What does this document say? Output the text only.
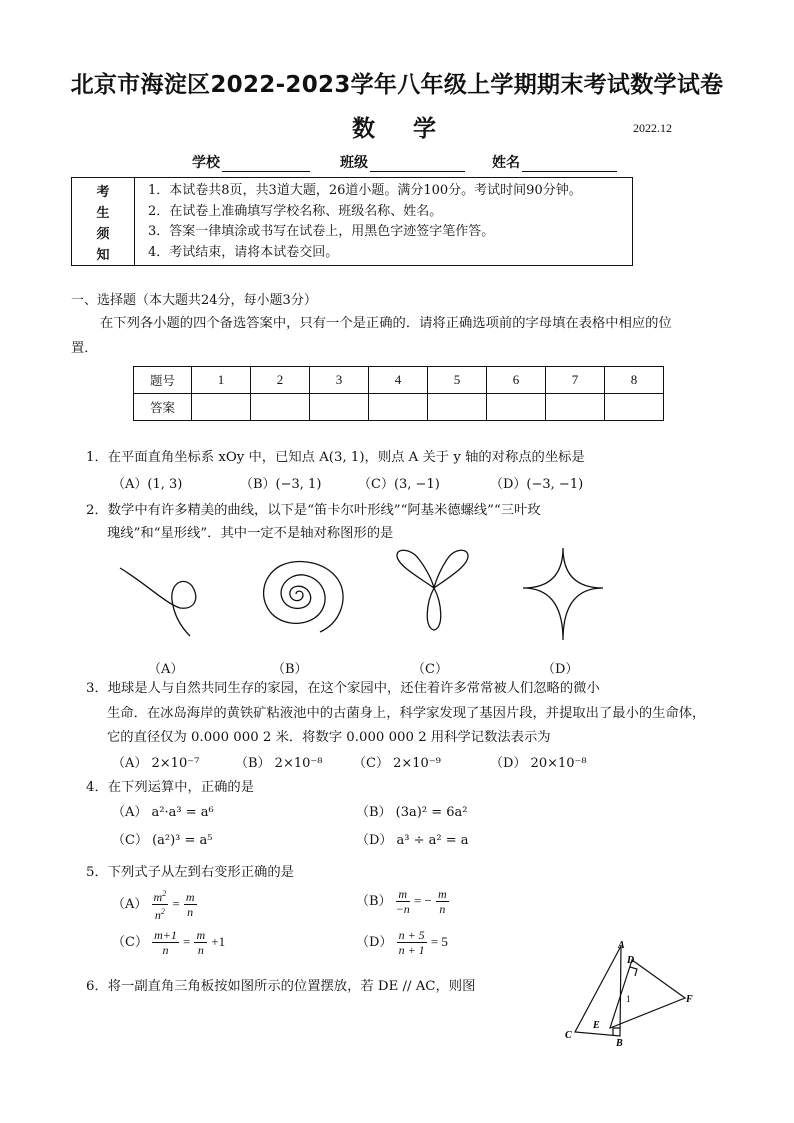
北京市海淀区2022-2023学年八年级上学期期末考试数学试卷
数学	2022.12
学校	班级	姓名
考
生
须
知
1．本试卷共8页，共3道大题，26道小题。满分100分。考试时间90分钟。
2．在试卷上准确填写学校名称、班级名称、姓名。
3．答案一律填涂或书写在试卷上，用黑色字迹签字笔作答。
4．考试结束，请将本试卷交回。
一、选择题（本大题共24分，每小题3分）
在下列各小题的四个备选答案中，只有一个是正确的．请将正确选项前的字母填在表格中相应的位
置．
题号	1	2	3	4	5	6	7	8
答案								
1．在平面直角坐标系 xOy 中，已知点 A(3, 1)，则点 A 关于 y 轴的对称点的坐标是
（A）(1, 3)	（B）(−3, 1)	（C）(3, −1)	（D）(−3, −1)
2．数学中有许多精美的曲线，以下是“笛卡尔叶形线”“阿基米德螺线”“三叶玫
瑰线”和“星形线”．其中一定不是轴对称图形的是
（A）	（B）	（C）	（D）
3．地球是人与自然共同生存的家园，在这个家园中，还住着许多常常被人们忽略的微小
生命．在冰岛海岸的黄铁矿粘液池中的古菌身上，科学家发现了基因片段，并提取出了最小的生命体，
它的直径仅为 0.000 000 2 米．将数字 0.000 000 2 用科学记数法表示为
（A） 2×10⁻⁷	（B） 2×10⁻⁸ （C） 2×10⁻⁹	（D） 20×10⁻⁸
4．在下列运算中，正确的是
（A） a²·a³ = a⁶	（B） (3a)² = 6a²
（C） (a²)³ = a⁵	（D） a³ ÷ a² = a
5．下列式子从左到右变形正确的是
$(A) \frac{m^2}{n^2} = \frac{m}{n}$	$(B) \frac{m}{-n}$ = − $\frac{m}{n}$
$(C) \frac{m+1}{n} = \frac{m}{n} +1$	$(D) \frac{n + 5}{n + 1} = 5$
6．将一副直角三角板按如图所示的位置摆放，若 DE // AC，则图
A
D
F
C
E
B
1
